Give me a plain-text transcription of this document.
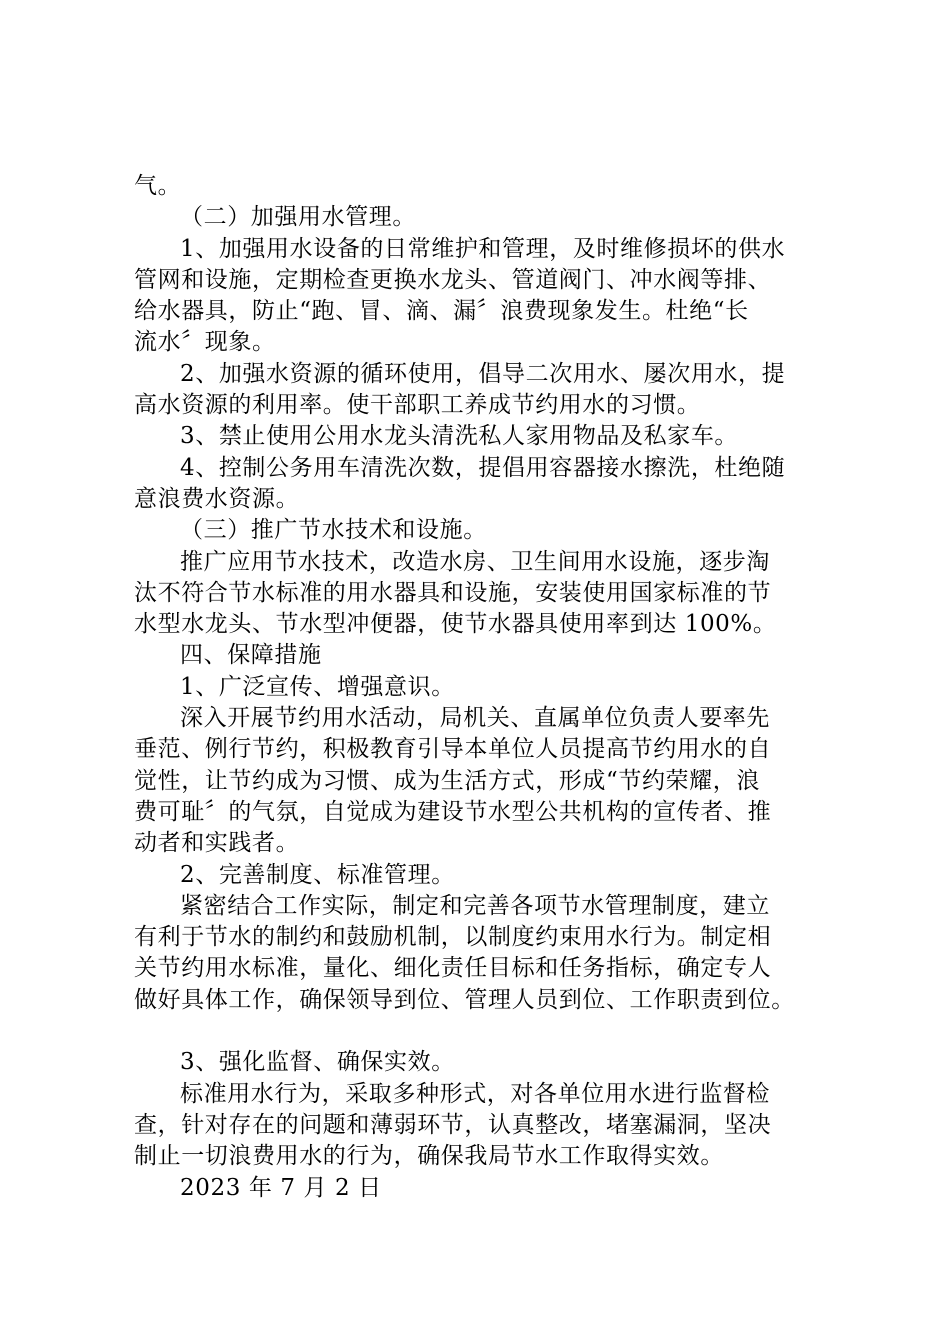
气。

（二）加强用水管理。

1、加强用水设备的日常维护和管理，及时维修损坏的供水

管网和设施，定期检查更换水龙头、管道阀门、冲水阀等排、

给水器具，防止“跑、冒、滴、漏〞浪费现象发生。杜绝“长

流水〞现象。

2、加强水资源的循环使用，倡导二次用水、屡次用水，提

高水资源的利用率。使干部职工养成节约用水的习惯。

3、禁止使用公用水龙头清洗私人家用物品及私家车。

4、控制公务用车清洗次数，提倡用容器接水擦洗，杜绝随

意浪费水资源。

（三）推广节水技术和设施。

推广应用节水技术，改造水房、卫生间用水设施，逐步淘

汰不符合节水标准的用水器具和设施，安装使用国家标准的节

水型水龙头、节水型冲便器，使节水器具使用率到达 100%。

四、保障措施

1、广泛宣传、增强意识。

深入开展节约用水活动，局机关、直属单位负责人要率先

垂范、例行节约，积极教育引导本单位人员提高节约用水的自

觉性，让节约成为习惯、成为生活方式，形成“节约荣耀，浪

费可耻〞的气氛，自觉成为建设节水型公共机构的宣传者、推

动者和实践者。

2、完善制度、标准管理。

紧密结合工作实际，制定和完善各项节水管理制度，建立

有利于节水的制约和鼓励机制，以制度约束用水行为。制定相

关节约用水标准，量化、细化责任目标和任务指标，确定专人

做好具体工作，确保领导到位、管理人员到位、工作职责到位。

3、强化监督、确保实效。

标准用水行为，采取多种形式，对各单位用水进行监督检

查，针对存在的问题和薄弱环节，认真整改，堵塞漏洞，坚决

制止一切浪费用水的行为，确保我局节水工作取得实效。

2023 年 7 月 2 日
